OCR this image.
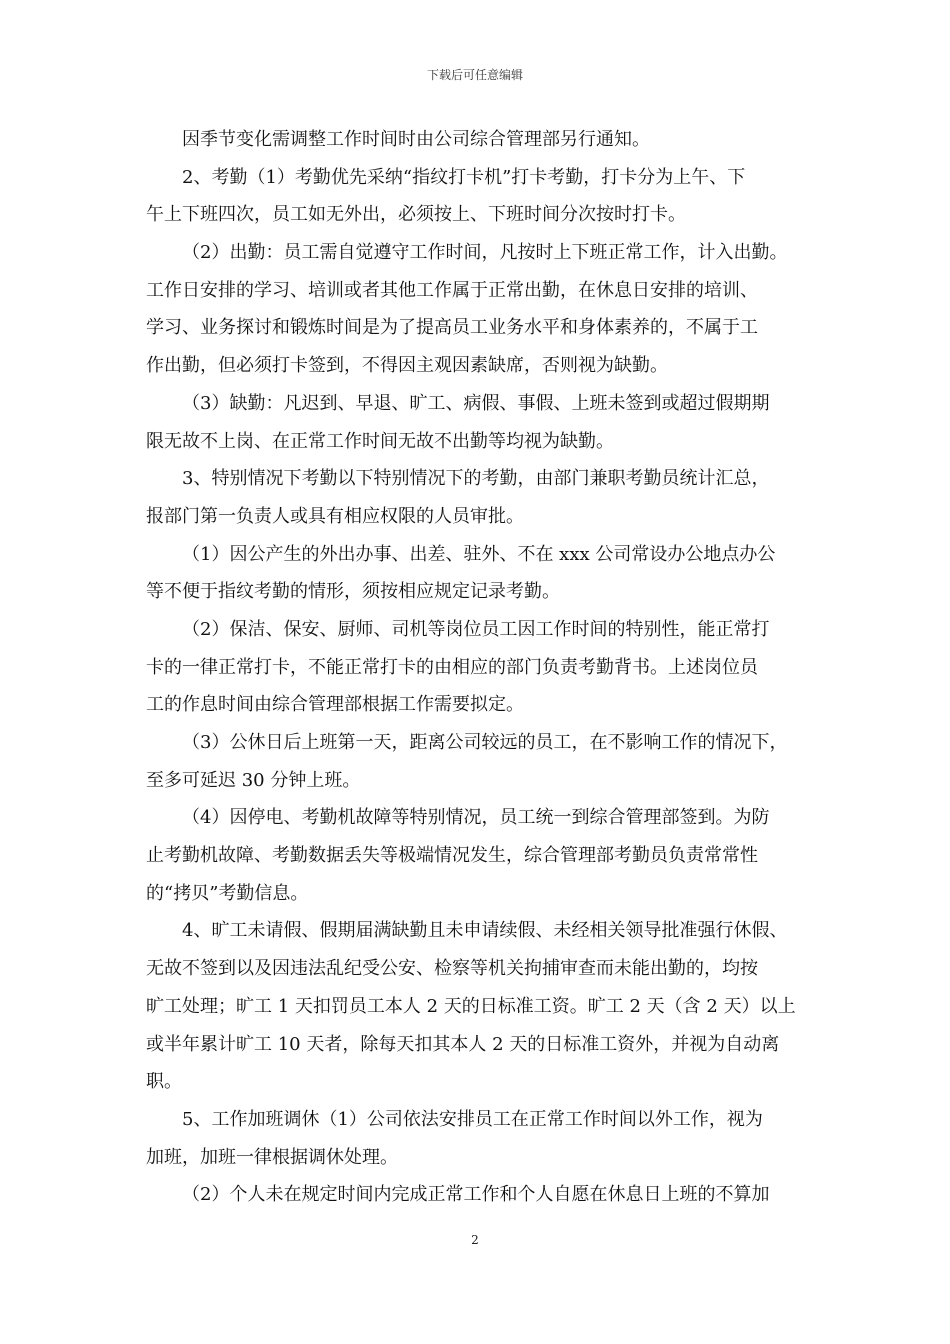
下载后可任意编辑
因季节变化需调整工作时间时由公司综合管理部另行通知。
2、考勤（1）考勤优先采纳“指纹打卡机”打卡考勤，打卡分为上午、下
午上下班四次，员工如无外出，必须按上、下班时间分次按时打卡。
（2）出勤：员工需自觉遵守工作时间，凡按时上下班正常工作，计入出勤。
工作日安排的学习、培训或者其他工作属于正常出勤，在休息日安排的培训、
学习、业务探讨和锻炼时间是为了提高员工业务水平和身体素养的，不属于工
作出勤，但必须打卡签到，不得因主观因素缺席，否则视为缺勤。
（3）缺勤：凡迟到、早退、旷工、病假、事假、上班未签到或超过假期期
限无故不上岗、在正常工作时间无故不出勤等均视为缺勤。
3、特别情况下考勤以下特别情况下的考勤，由部门兼职考勤员统计汇总，
报部门第一负责人或具有相应权限的人员审批。
（1）因公产生的外出办事、出差、驻外、不在 xxx 公司常设办公地点办公
等不便于指纹考勤的情形，须按相应规定记录考勤。
（2）保洁、保安、厨师、司机等岗位员工因工作时间的特别性，能正常打
卡的一律正常打卡，不能正常打卡的由相应的部门负责考勤背书。上述岗位员
工的作息时间由综合管理部根据工作需要拟定。
（3）公休日后上班第一天，距离公司较远的员工，在不影响工作的情况下，
至多可延迟 30 分钟上班。
（4）因停电、考勤机故障等特别情况，员工统一到综合管理部签到。为防
止考勤机故障、考勤数据丢失等极端情况发生，综合管理部考勤员负责常常性
的“拷贝”考勤信息。
4、旷工未请假、假期届满缺勤且未申请续假、未经相关领导批准强行休假、
无故不签到以及因违法乱纪受公安、检察等机关拘捕审查而未能出勤的，均按
旷工处理；旷工 1 天扣罚员工本人 2 天的日标准工资。旷工 2 天（含 2 天）以上
或半年累计旷工 10 天者，除每天扣其本人 2 天的日标准工资外，并视为自动离
职。
5、工作加班调休（1）公司依法安排员工在正常工作时间以外工作，视为
加班，加班一律根据调休处理。
（2）个人未在规定时间内完成正常工作和个人自愿在休息日上班的不算加
2
